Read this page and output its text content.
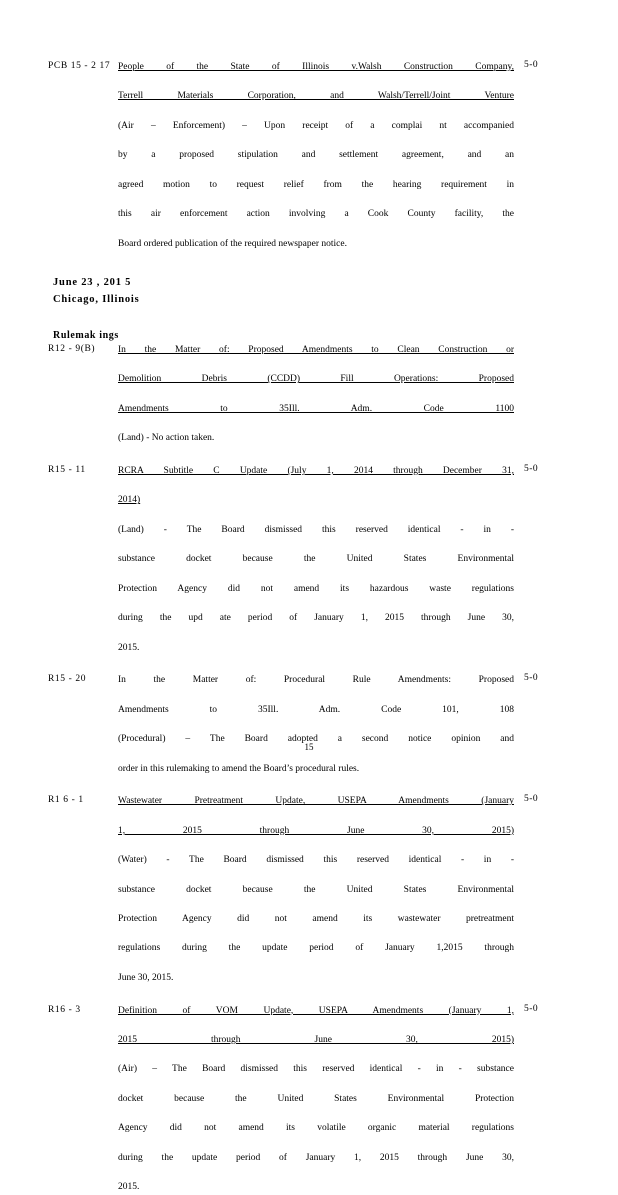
PCB 15 - 2 17 People of the State of Illinois v.Walsh Construction Company,
Terrell Materials Corporation, and Walsh/Terrell/Joint Venture
(Air – Enforcement) – Upon receipt of a complai nt accompanied
by a proposed stipulation and settlement agreement, and an
agreed motion to request relief from the hearing requirement in
this air enforcement action involving a Cook County facility, the
Board ordered publication of the required newspaper notice.
5-0
June 23 , 201 5
Chicago, Illinois
Rulemak ings
R12 - 9(B)	In the Matter of: Proposed Amendments to Clean Construction or
Demolition Debris (CCDD) Fill Operations: Proposed
Amendments to 35Ill. Adm. Code 1100
(Land) - No action taken.
R15 - 11	RCRA Subtitle C Update (July 1, 2014 through December 31,
2014)
(Land) - The Board dismissed this reserved identical - in -
substance docket because the United States Environmental
Protection Agency did not amend its hazardous waste regulations
during the upd ate period of January 1, 2015 through June 30,
2015.
5-0
R15 - 20	In the Matter of: Procedural Rule Amendments: Proposed
Amendments to 35Ill. Adm. Code 101, 108
(Procedural) – The Board adopted a second notice opinion and
order in this rulemaking to amend the Board’s procedural rules.
5-0
R1 6 - 1	Wastewater Pretreatment Update, USEPA Amendments (January
1, 2015 through June 30, 2015)
(Water) - The Board dismissed this reserved identical - in -
substance docket because the United States Environmental
Protection Agency did not amend its wastewater pretreatment
regulations during the update period of January 1,2015 through
June 30, 2015.
5-0
R16 - 3	Definition of VOM Update, USEPA Amendments (January 1,
2015 through June 30, 2015)
(Air) – The Board dismissed this reserved identical - in - substance
docket because the United States Environmental Protection
Agency did not amend its volatile organic material regulations
during the update period of January 1, 2015 through June 30,
2015.
5-0
15
